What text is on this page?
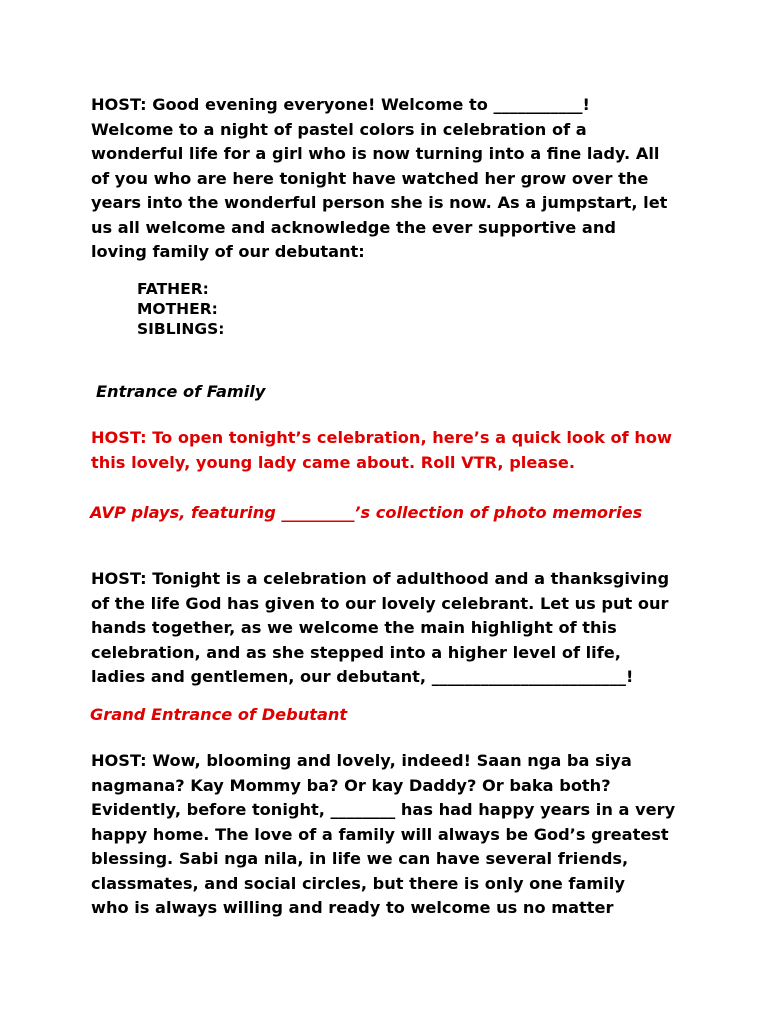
HOST: Good evening everyone! Welcome to ___________!
Welcome to a night of pastel colors in celebration of a
wonderful life for a girl who is now turning into a fine lady. All
of you who are here tonight have watched her grow over the
years into the wonderful person she is now. As a jumpstart, let
us all welcome and acknowledge the ever supportive and
loving family of our debutant:
FATHER:
MOTHER:
SIBLINGS:

Entrance of Family

HOST: To open tonight’s celebration, here’s a quick look of how
this lovely, young lady came about. Roll VTR, please.

AVP plays, featuring _________’s collection of photo memories

HOST: Tonight is a celebration of adulthood and a thanksgiving
of the life God has given to our lovely celebrant. Let us put our
hands together, as we welcome the main highlight of this
celebration, and as she stepped into a higher level of life,
ladies and gentlemen, our debutant, ________________________!

Grand Entrance of Debutant

HOST: Wow, blooming and lovely, indeed! Saan nga ba siya
nagmana? Kay Mommy ba? Or kay Daddy? Or baka both?
Evidently, before tonight, ________ has had happy years in a very
happy home. The love of a family will always be God’s greatest
blessing. Sabi nga nila, in life we can have several friends,
classmates, and social circles, but there is only one family
who is always willing and ready to welcome us no matter
